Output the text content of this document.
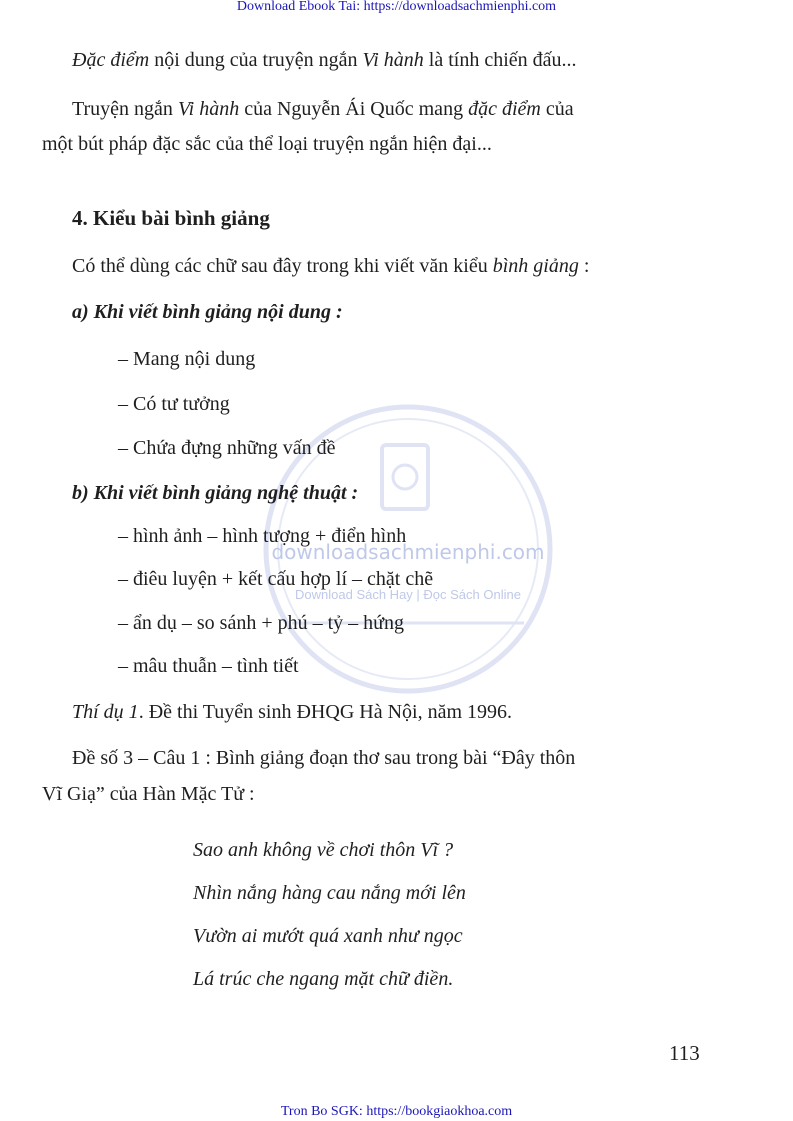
Download Ebook Tai: https://downloadsachmienphi.com
downloadsachmienphi.com
Download Sách Hay | Đọc Sách Online
Đặc điểm nội dung của truyện ngắn Vi hành là tính chiến đấu...
Truyện ngắn Vi hành của Nguyễn Ái Quốc mang đặc điểm của
một bút pháp đặc sắc của thể loại truyện ngắn hiện đại...
4. Kiểu bài bình giảng
Có thể dùng các chữ sau đây trong khi viết văn kiểu bình giảng :
a) Khi viết bình giảng nội dung :
– Mang nội dung
– Có tư tưởng
– Chứa đựng những vấn đề
b) Khi viết bình giảng nghệ thuật :
– hình ảnh – hình tượng + điển hình
– điêu luyện + kết cấu hợp lí – chặt chẽ
– ẩn dụ – so sánh + phú – tỷ – hứng
– mâu thuẫn – tình tiết
Thí dụ 1. Đề thi Tuyển sinh ĐHQG Hà Nội, năm 1996.
Đề số 3 – Câu 1 : Bình giảng đoạn thơ sau trong bài “Đây thôn
Vĩ Giạ” của Hàn Mặc Tử :
Sao anh không về chơi thôn Vĩ ?
Nhìn nắng hàng cau nắng mới lên
Vườn ai mướt quá xanh như ngọc
Lá trúc che ngang mặt chữ điền.
113
Tron Bo SGK: https://bookgiaokhoa.com
